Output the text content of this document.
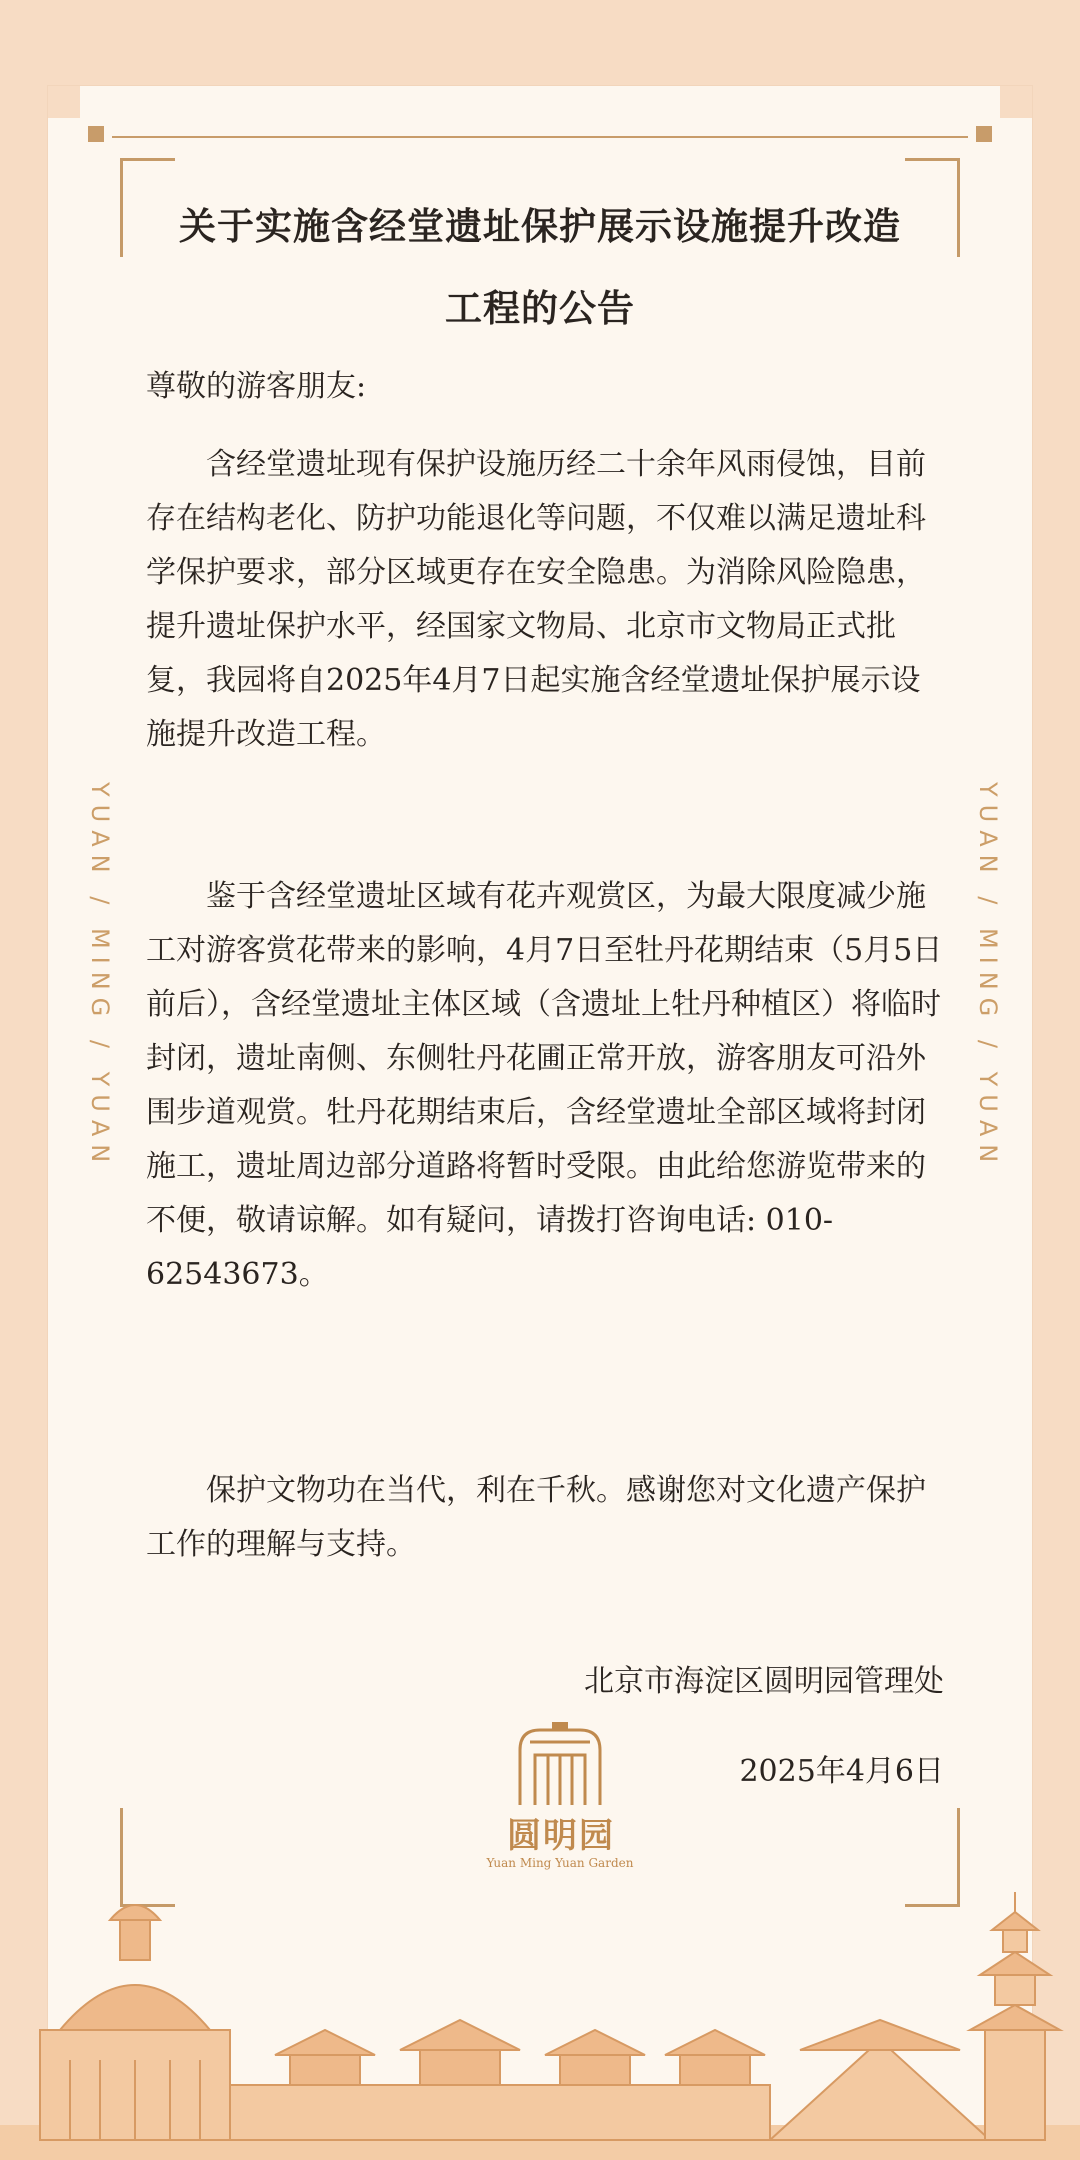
YUAN / MING / YUAN	YUAN / MING / YUAN
关于实施含经堂遗址保护展示设施提升改造
工程的公告

尊敬的游客朋友:

含经堂遗址现有保护设施历经二十余年风雨侵蚀，目前存在结构老化、防护功能退化等问题，不仅难以满足遗址科学保护要求，部分区域更存在安全隐患。为消除风险隐患，提升遗址保护水平，经国家文物局、北京市文物局正式批复，我园将自2025年4月7日起实施含经堂遗址保护展示设施提升改造工程。

鉴于含经堂遗址区域有花卉观赏区，为最大限度减少施工对游客赏花带来的影响，4月7日至牡丹花期结束（5月5日前后），含经堂遗址主体区域（含遗址上牡丹种植区）将临时封闭，遗址南侧、东侧牡丹花圃正常开放，游客朋友可沿外围步道观赏。牡丹花期结束后，含经堂遗址全部区域将封闭施工，遗址周边部分道路将暂时受限。由此给您游览带来的不便，敬请谅解。如有疑问，请拨打咨询电话: 010-62543673。

保护文物功在当代，利在千秋。感谢您对文化遗产保护工作的理解与支持。

北京市海淀区圆明园管理处
2025年4月6日
圆明园
Yuan Ming Yuan Garden
